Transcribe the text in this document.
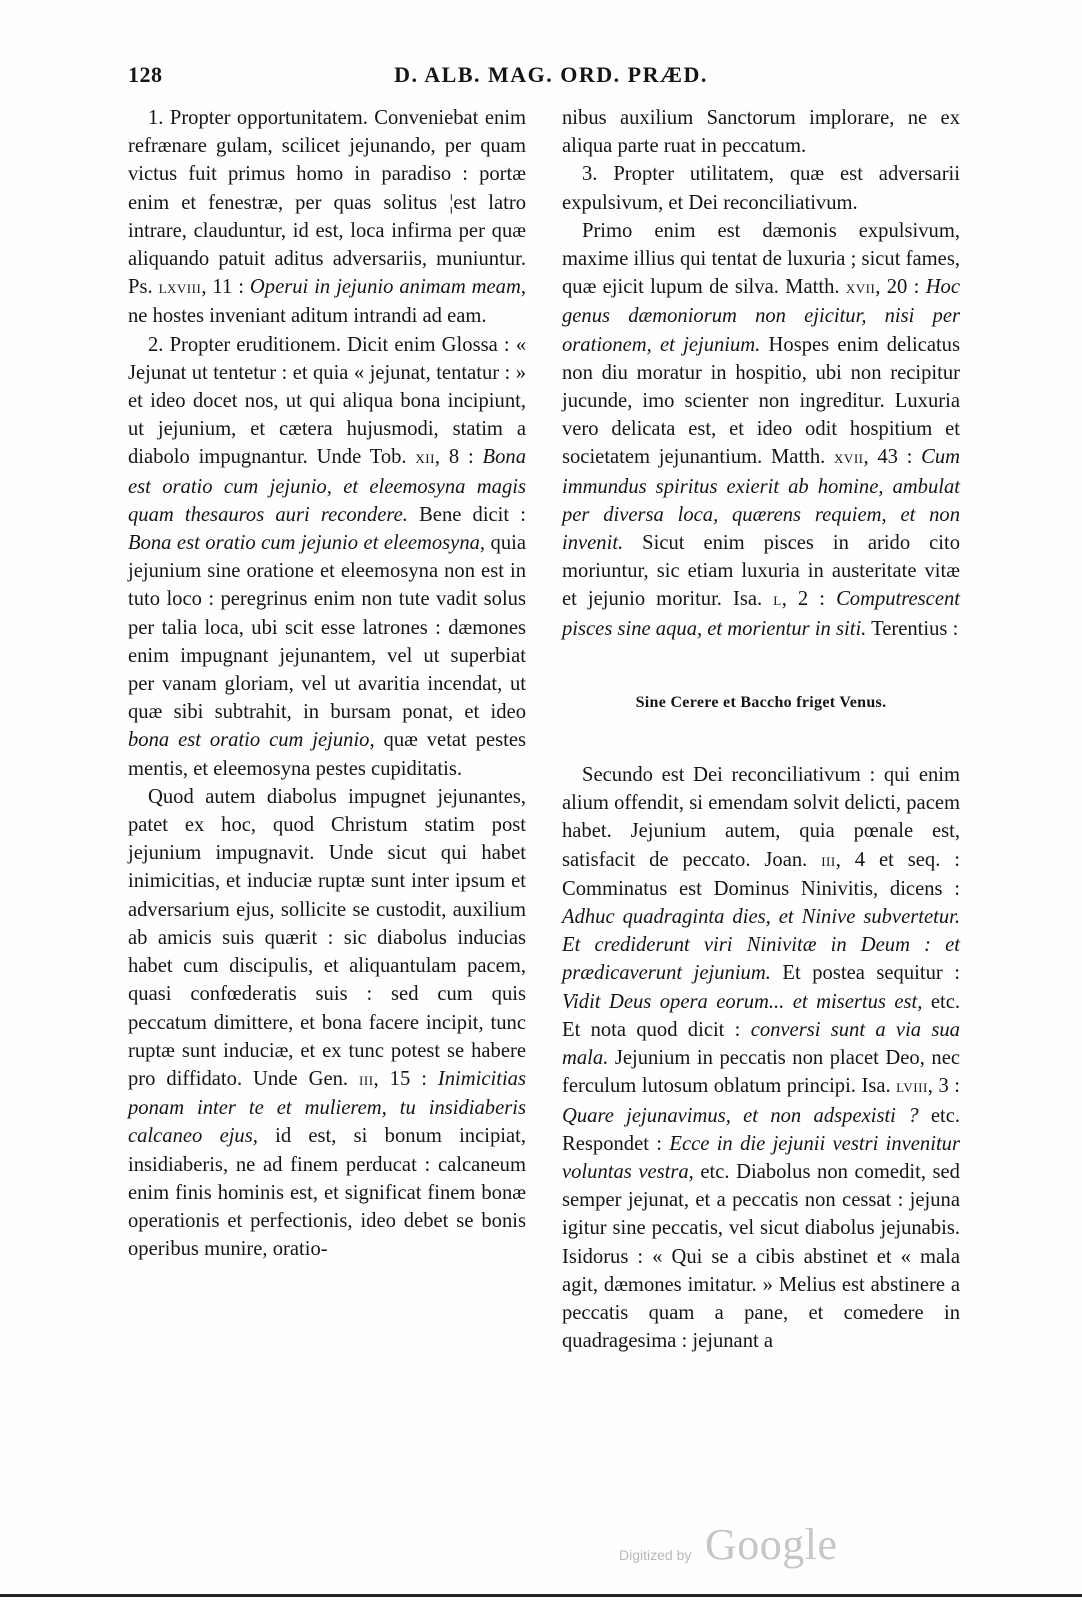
128	D. ALB. MAG. ORD. PRÆD.

1. Propter opportunitatem. Conveniebat enim refrænare gulam, scilicet jejunando, per quam victus fuit primus homo in paradiso : portæ enim et fenestræ, per quas solitus ¦est latro intrare, clauduntur, id est, loca infirma per quæ aliquando patuit aditus adversariis, muniuntur. Ps. lxviii, 11 : Operui in jejunio animam meam, ne hostes inveniant aditum intrandi ad eam.

2. Propter eruditionem. Dicit enim Glossa : « Jejunat ut tentetur : et quia « jejunat, tentatur : » et ideo docet nos, ut qui aliqua bona incipiunt, ut jejunium, et cætera hujusmodi, statim a diabolo impugnantur. Unde Tob. xii, 8 : Bona est oratio cum jejunio, et eleemosyna magis quam thesauros auri recondere. Bene dicit : Bona est oratio cum jejunio et eleemosyna, quia jejunium sine oratione et eleemosyna non est in tuto loco : peregrinus enim non tute vadit solus per talia loca, ubi scit esse latrones : dæmones enim impugnant jejunantem, vel ut superbiat per vanam gloriam, vel ut avaritia incendat, ut quæ sibi subtrahit, in bursam ponat, et ideo bona est oratio cum jejunio, quæ vetat pestes mentis, et eleemosyna pestes cupiditatis.

Quod autem diabolus impugnet jejunantes, patet ex hoc, quod Christum statim post jejunium impugnavit. Unde sicut qui habet inimicitias, et induciæ ruptæ sunt inter ipsum et adversarium ejus, sollicite se custodit, auxilium ab amicis suis quærit : sic diabolus inducias habet cum discipulis, et aliquantulam pacem, quasi confœderatis suis : sed cum quis peccatum dimittere, et bona facere incipit, tunc ruptæ sunt induciæ, et ex tunc potest se habere pro diffidato. Unde Gen. iii, 15 : Inimicitias ponam inter te et mulierem, tu insidiaberis calcaneo ejus, id est, si bonum incipiat, insidiaberis, ne ad finem perducat : calcaneum enim finis hominis est, et significat finem bonæ operationis et perfectionis, ideo debet se bonis operibus munire, oratio-

nibus auxilium Sanctorum implorare, ne ex aliqua parte ruat in peccatum.

3. Propter utilitatem, quæ est adversarii expulsivum, et Dei reconciliativum.

Primo enim est dæmonis expulsivum, maxime illius qui tentat de luxuria ; sicut fames, quæ ejicit lupum de silva. Matth. xvii, 20 : Hoc genus dæmoniorum non ejicitur, nisi per orationem, et jejunium. Hospes enim delicatus non diu moratur in hospitio, ubi non recipitur jucunde, imo scienter non ingreditur. Luxuria vero delicata est, et ideo odit hospitium et societatem jejunantium. Matth. xvii, 43 : Cum immundus spiritus exierit ab homine, ambulat per diversa loca, quærens requiem, et non invenit. Sicut enim pisces in arido cito moriuntur, sic etiam luxuria in austeritate vitæ et jejunio moritur. Isa. l, 2 : Computrescent pisces sine aqua, et morientur in siti. Terentius :

Sine Cerere et Baccho friget Venus.

Secundo est Dei reconciliativum : qui enim alium offendit, si emendam solvit delicti, pacem habet. Jejunium autem, quia pœnale est, satisfacit de peccato. Joan. iii, 4 et seq. : Comminatus est Dominus Ninivitis, dicens : Adhuc quadraginta dies, et Ninive subvertetur. Et crediderunt viri Ninivitæ in Deum : et prædicaverunt jejunium. Et postea sequitur : Vidit Deus opera eorum... et misertus est, etc. Et nota quod dicit : conversi sunt a via sua mala. Jejunium in peccatis non placet Deo, nec ferculum lutosum oblatum principi. Isa. lviii, 3 : Quare jejunavimus, et non adspexisti ? etc. Respondet : Ecce in die jejunii vestri invenitur voluntas vestra, etc. Diabolus non comedit, sed semper jejunat, et a peccatis non cessat : jejuna igitur sine peccatis, vel sicut diabolus jejunabis. Isidorus : « Qui se a cibis abstinet et « mala agit, dæmones imitatur. » Melius est abstinere a peccatis quam a pane, et comedere in quadragesima : jejunant a

Digitized by Google
